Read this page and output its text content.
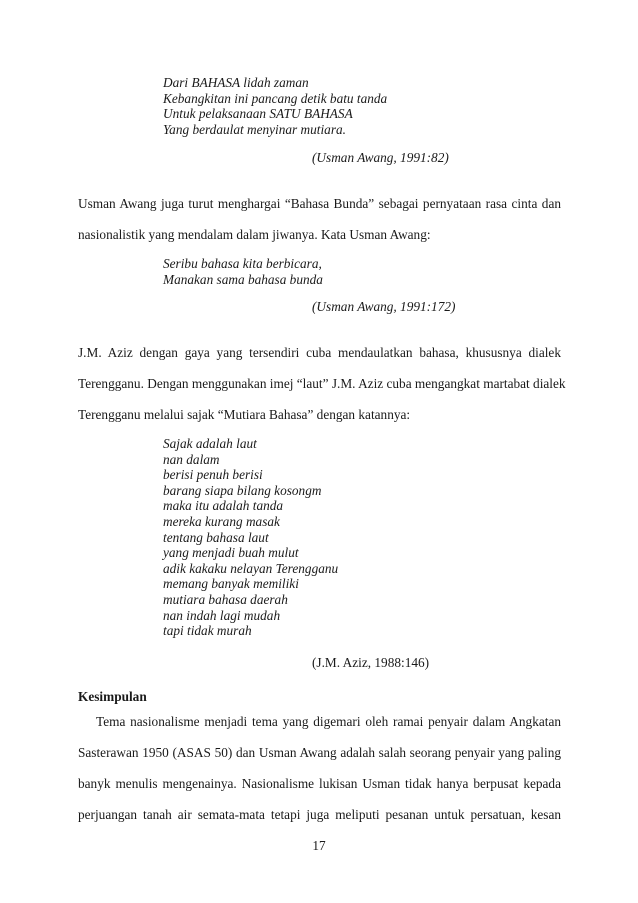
Dari BAHASA lidah zaman
Kebangkitan ini pancang detik batu tanda
Untuk pelaksanaan SATU BAHASA
Yang berdaulat menyinar mutiara.
(Usman Awang, 1991:82)
Usman Awang juga turut menghargai “Bahasa Bunda” sebagai pernyataan rasa cinta dan
nasionalistik yang mendalam dalam jiwanya. Kata Usman Awang:
Seribu bahasa kita berbicara,
Manakan sama bahasa bunda
(Usman Awang, 1991:172)
J.M. Aziz dengan gaya yang tersendiri cuba mendaulatkan bahasa, khususnya dialek
Terengganu. Dengan menggunakan imej “laut” J.M. Aziz cuba mengangkat martabat dialek
Terengganu melalui sajak “Mutiara Bahasa” dengan katannya:
Sajak adalah laut
nan dalam
berisi penuh berisi
barang siapa bilang kosongm
maka itu adalah tanda
mereka kurang masak
tentang bahasa laut
yang menjadi buah mulut
adik kakaku nelayan Terengganu
memang banyak memiliki
mutiara bahasa daerah
nan indah lagi mudah
tapi tidak murah
(J.M. Aziz, 1988:146)
Kesimpulan
Tema nasionalisme menjadi tema yang digemari oleh ramai penyair dalam Angkatan
Sasterawan 1950 (ASAS 50) dan Usman Awang adalah salah seorang penyair yang paling
banyk menulis mengenainya. Nasionalisme lukisan Usman tidak hanya berpusat kepada
perjuangan tanah air semata-mata tetapi juga meliputi pesanan untuk persatuan, kesan
17
